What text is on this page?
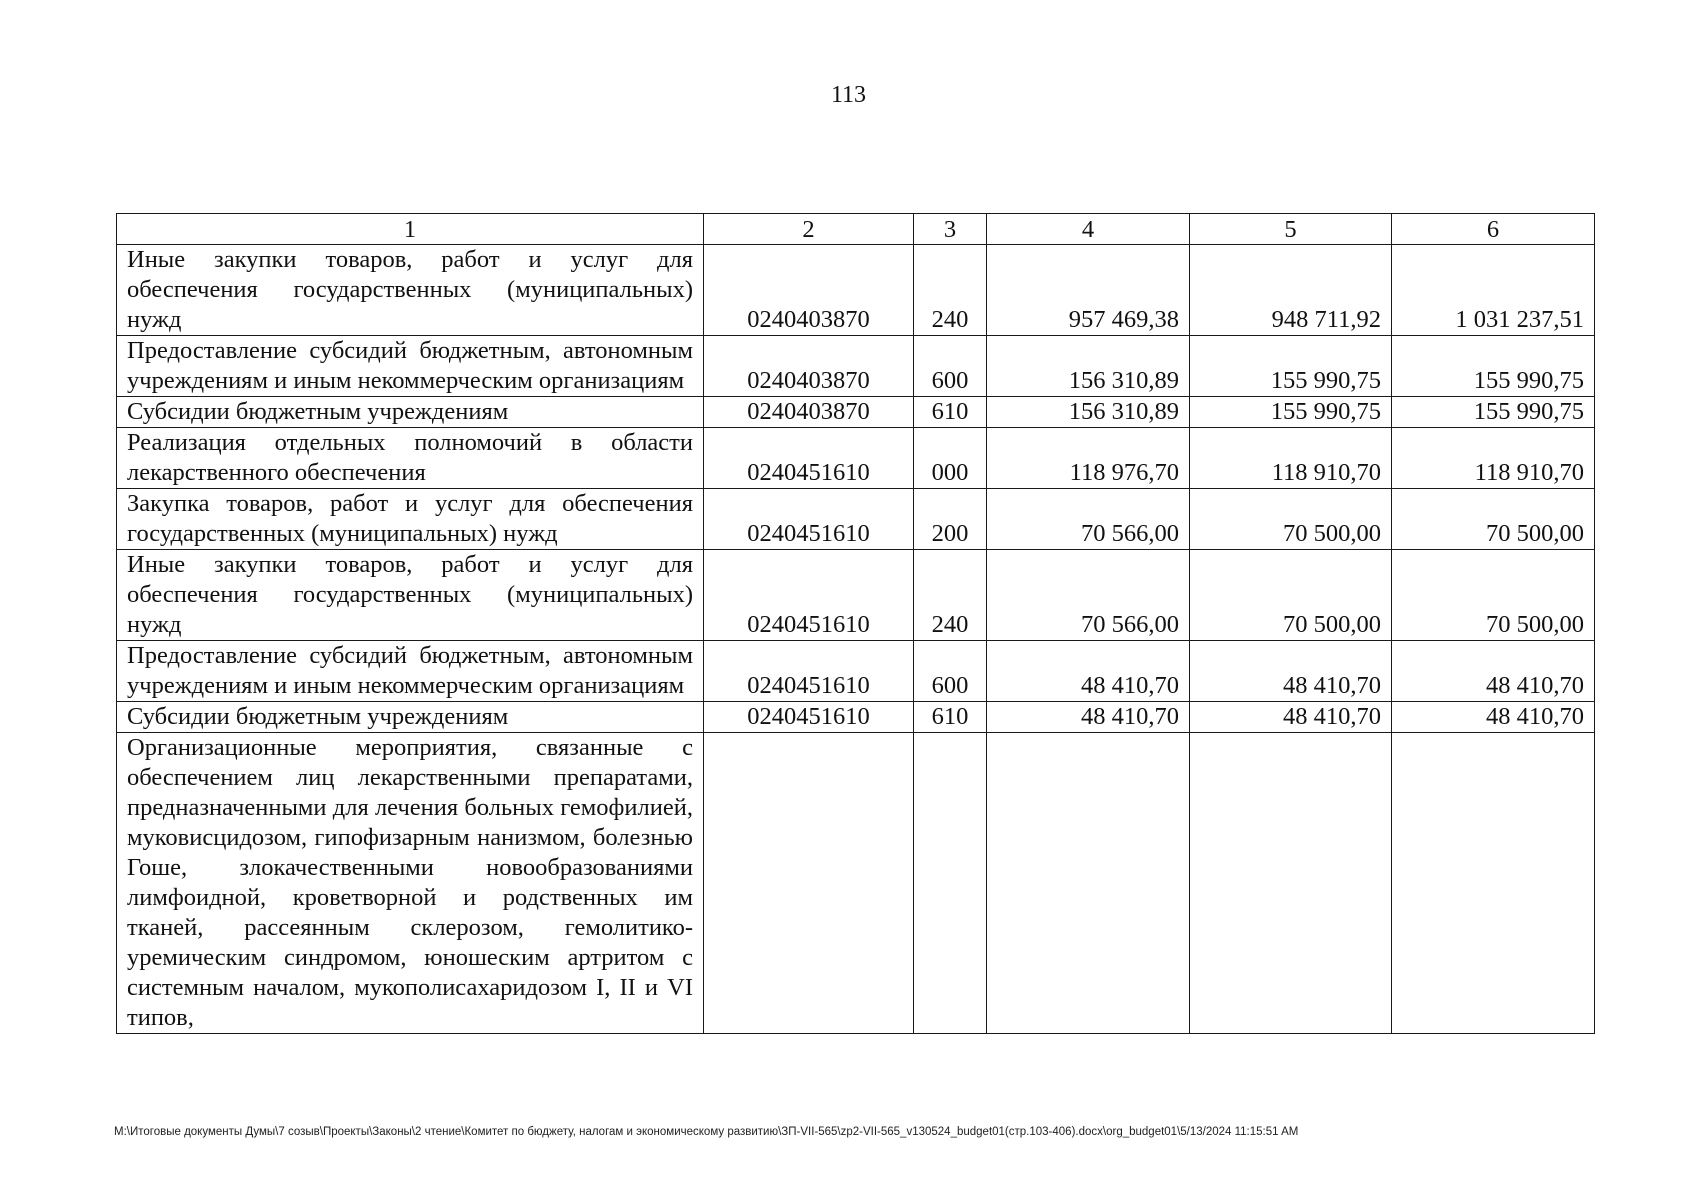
113
1	2	3	4	5	6
Иные закупки товаров, работ и услуг для обеспечения государственных (муниципальных) нужд	0240403870	240	957 469,38	948 711,92	1 031 237,51
Предоставление субсидий бюджетным, автономным учреждениям и иным некоммерческим организациям	0240403870	600	156 310,89	155 990,75	155 990,75
Субсидии бюджетным учреждениям	0240403870	610	156 310,89	155 990,75	155 990,75
Реализация отдельных полномочий в области лекарственного обеспечения	0240451610	000	118 976,70	118 910,70	118 910,70
Закупка товаров, работ и услуг для обеспечения государственных (муниципальных) нужд	0240451610	200	70 566,00	70 500,00	70 500,00
Иные закупки товаров, работ и услуг для обеспечения государственных (муниципальных) нужд	0240451610	240	70 566,00	70 500,00	70 500,00
Предоставление субсидий бюджетным, автономным учреждениям и иным некоммерческим организациям	0240451610	600	48 410,70	48 410,70	48 410,70
Субсидии бюджетным учреждениям	0240451610	610	48 410,70	48 410,70	48 410,70
Организационные мероприятия, связанные с обеспечением лиц лекарственными препаратами, предназначенными для лечения больных гемофилией, муковисцидозом, гипофизарным нанизмом, болезнью Гоше, злокачественными новообразованиями лимфоидной, кроветворной и родственных им тканей, рассеянным склерозом, гемолитико-уремическим синдромом, юношеским артритом с системным началом, мукополисахаридозом I, II и VI типов,					
M:\Итоговые документы Думы\7 созыв\Проекты\Законы\2 чтение\Комитет по бюджету, налогам и экономическому развитию\ЗП-VII-565\zp2-VII-565_v130524_budget01(стр.103-406).docx\org_budget01\5/13/2024 11:15:51 AM
